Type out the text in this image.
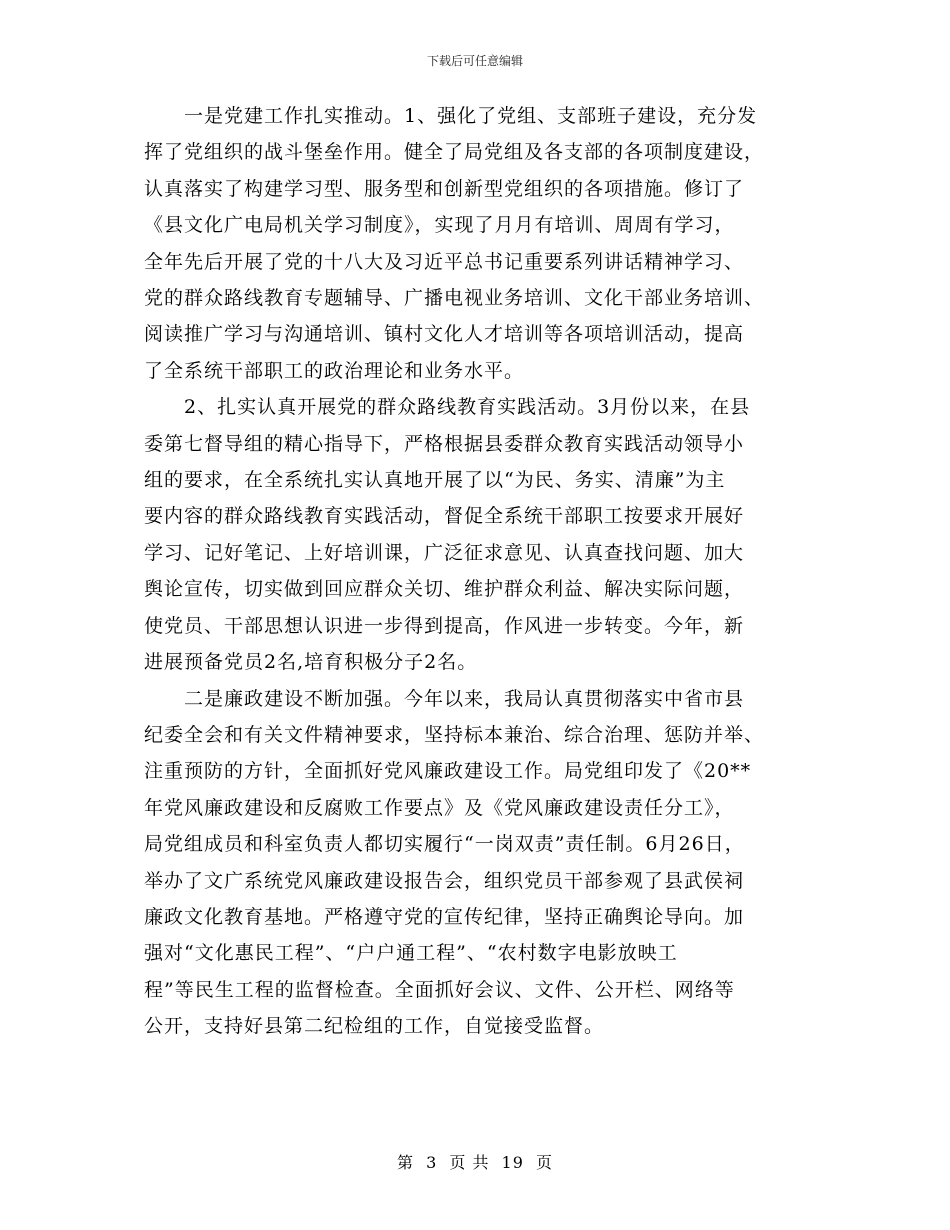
下载后可任意编辑

一是党建工作扎实推动。1、强化了党组、支部班子建设，充分发
挥了党组织的战斗堡垒作用。健全了局党组及各支部的各项制度建设，
认真落实了构建学习型、服务型和创新型党组织的各项措施。修订了
《县文化广电局机关学习制度》，实现了月月有培训、周周有学习，
全年先后开展了党的十八大及习近平总书记重要系列讲话精神学习、
党的群众路线教育专题辅导、广播电视业务培训、文化干部业务培训、
阅读推广学习与沟通培训、镇村文化人才培训等各项培训活动，提高
了全系统干部职工的政治理论和业务水平。

2、扎实认真开展党的群众路线教育实践活动。3月份以来，在县
委第七督导组的精心指导下，严格根据县委群众教育实践活动领导小
组的要求，在全系统扎实认真地开展了以“为民、务实、清廉”为主
要内容的群众路线教育实践活动，督促全系统干部职工按要求开展好
学习、记好笔记、上好培训课，广泛征求意见、认真查找问题、加大
舆论宣传，切实做到回应群众关切、维护群众利益、解决实际问题，
使党员、干部思想认识进一步得到提高，作风进一步转变。今年，新
进展预备党员2名,培育积极分子2名。

二是廉政建设不断加强。今年以来，我局认真贯彻落实中省市县
纪委全会和有关文件精神要求，坚持标本兼治、综合治理、惩防并举、
注重预防的方针，全面抓好党风廉政建设工作。局党组印发了《20**
年党风廉政建设和反腐败工作要点》及《党风廉政建设责任分工》，
局党组成员和科室负责人都切实履行“一岗双责”责任制。6月26日，
举办了文广系统党风廉政建设报告会，组织党员干部参观了县武侯祠
廉政文化教育基地。严格遵守党的宣传纪律，坚持正确舆论导向。加
强对“文化惠民工程”、“户户通工程”、“农村数字电影放映工
程”等民生工程的监督检查。全面抓好会议、文件、公开栏、网络等
公开，支持好县第二纪检组的工作，自觉接受监督。

第 3 页 共 19 页
